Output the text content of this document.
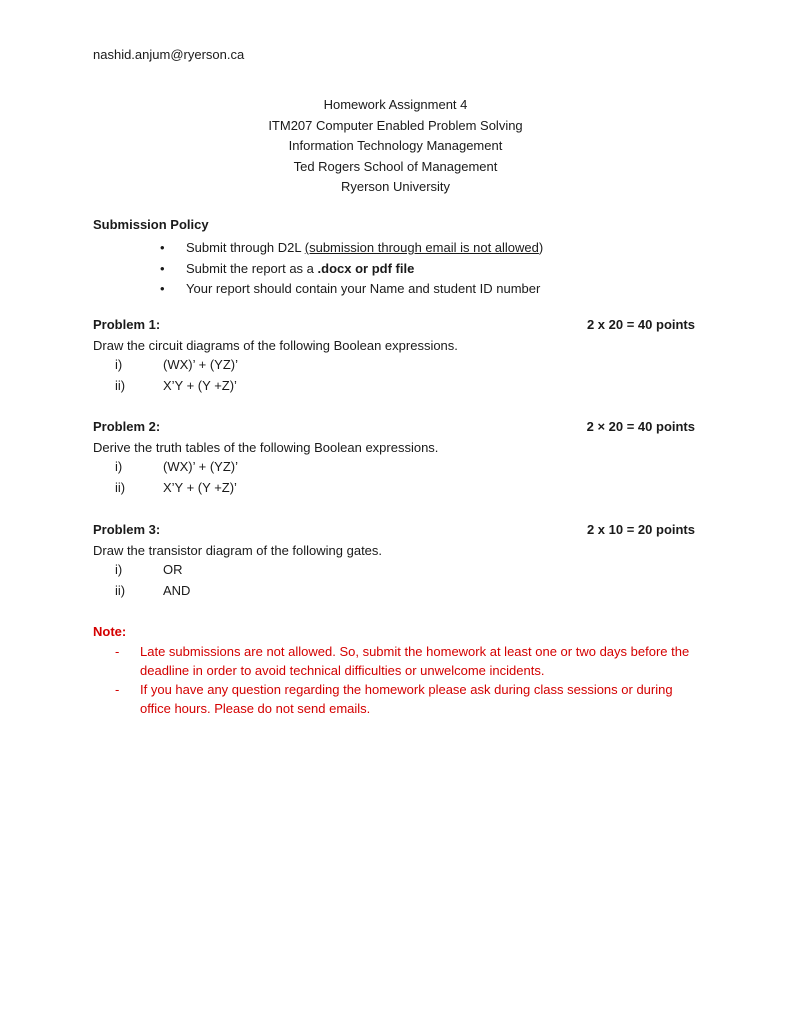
nashid.anjum@ryerson.ca
Homework Assignment 4
ITM207 Computer Enabled Problem Solving
Information Technology Management
Ted Rogers School of Management
Ryerson University
Submission Policy
• Submit through D2L (submission through email is not allowed)
• Submit the report as a .docx or pdf file
• Your report should contain your Name and student ID number
Problem 1:	2 x 20 = 40 points
Draw the circuit diagrams of the following Boolean expressions.
i)	(WX)’ + (YZ)’
ii)	X’Y + (Y +Z)’
Problem 2:	2 × 20 = 40 points
Derive the truth tables of the following Boolean expressions.
i)	(WX)’ + (YZ)’
ii)	X’Y + (Y +Z)’
Problem 3:	2 x 10 = 20 points
Draw the transistor diagram of the following gates.
i)	OR
ii)	AND
Note:
- Late submissions are not allowed. So, submit the homework at least one or two days before the deadline in order to avoid technical difficulties or unwelcome incidents.
- If you have any question regarding the homework please ask during class sessions or during office hours. Please do not send emails.
